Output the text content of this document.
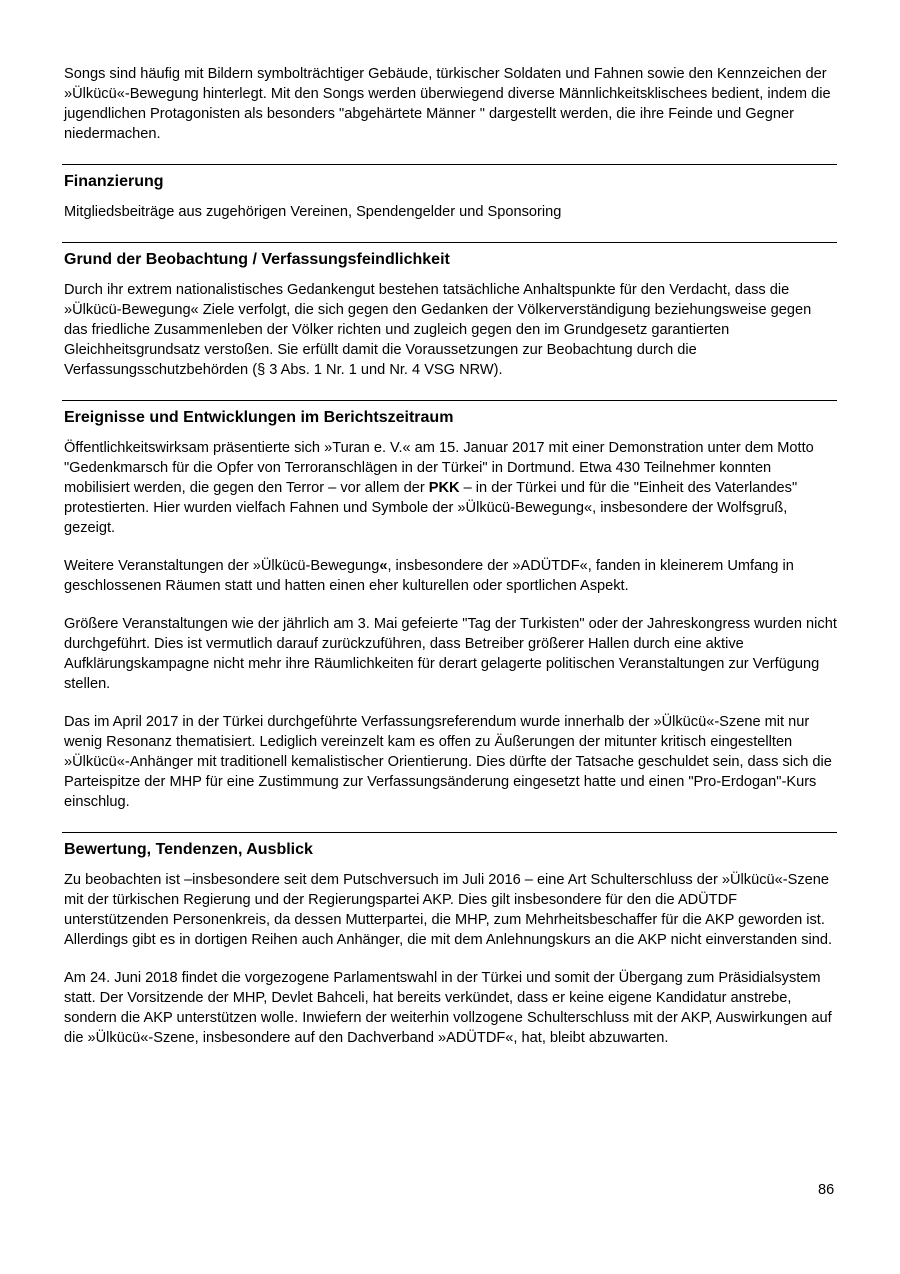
Songs sind häufig mit Bildern symbolträchtiger Gebäude, türkischer Soldaten und Fahnen sowie den Kennzeichen der »Ülkücü«-Bewegung hinterlegt. Mit den Songs werden überwiegend diverse Männlichkeitsklischees bedient, indem die jugendlichen Protagonisten als besonders "abgehärtete Männer " dargestellt werden, die ihre Feinde und Gegner niedermachen.

Finanzierung

Mitgliedsbeiträge aus zugehörigen Vereinen, Spendengelder und Sponsoring

Grund der Beobachtung / Verfassungsfeindlichkeit

Durch ihr extrem nationalistisches Gedankengut bestehen tatsächliche Anhaltspunkte für den Verdacht, dass die »Ülkücü-Bewegung« Ziele verfolgt, die sich gegen den Gedanken der Völkerverständigung beziehungsweise gegen das friedliche Zusammenleben der Völker richten und zugleich gegen den im Grundgesetz garantierten Gleichheitsgrundsatz verstoßen. Sie erfüllt damit die Voraussetzungen zur Beobachtung durch die Verfassungsschutzbehörden (§ 3 Abs. 1 Nr. 1 und Nr. 4 VSG NRW).

Ereignisse und Entwicklungen im Berichtszeitraum

Öffentlichkeitswirksam präsentierte sich »Turan e. V.« am 15. Januar 2017 mit einer Demonstration unter dem Motto "Gedenkmarsch für die Opfer von Terroranschlägen in der Türkei" in Dortmund. Etwa 430 Teilnehmer konnten mobilisiert werden, die gegen den Terror – vor allem der PKK – in der Türkei und für die "Einheit des Vaterlandes" protestierten. Hier wurden vielfach Fahnen und Symbole der »Ülkücü-Bewegung«, insbesondere der Wolfsgruß, gezeigt.

Weitere Veranstaltungen der »Ülkücü-Bewegung«, insbesondere der »ADÜTDF«, fanden in kleinerem Umfang in geschlossenen Räumen statt und hatten einen eher kulturellen oder sportlichen Aspekt.

Größere Veranstaltungen wie der jährlich am 3. Mai gefeierte "Tag der Turkisten" oder der Jahreskongress wurden nicht durchgeführt. Dies ist vermutlich darauf zurückzuführen, dass Betreiber größerer Hallen durch eine aktive Aufklärungskampagne nicht mehr ihre Räumlichkeiten für derart gelagerte politischen Veranstaltungen zur Verfügung stellen.

Das im April 2017 in der Türkei durchgeführte Verfassungsreferendum wurde innerhalb der »Ülkücü«-Szene mit nur wenig Resonanz thematisiert. Lediglich vereinzelt kam es offen zu Äußerungen der mitunter kritisch eingestellten »Ülkücü«-Anhänger mit traditionell kemalistischer Orientierung. Dies dürfte der Tatsache geschuldet sein, dass sich die Parteispitze der MHP für eine Zustimmung zur Verfassungsänderung eingesetzt hatte und einen "Pro-Erdogan"-Kurs einschlug.

Bewertung, Tendenzen, Ausblick

Zu beobachten ist –insbesondere seit dem Putschversuch im Juli 2016 – eine Art Schulterschluss der »Ülkücü«-Szene mit der türkischen Regierung und der Regierungspartei AKP. Dies gilt insbesondere für den die ADÜTDF unterstützenden Personenkreis, da dessen Mutterpartei, die MHP, zum Mehrheitsbeschaffer für die AKP geworden ist. Allerdings gibt es in dortigen Reihen auch Anhänger, die mit dem Anlehnungskurs an die AKP nicht einverstanden sind.

Am 24. Juni 2018 findet die vorgezogene Parlamentswahl in der Türkei und somit der Übergang zum Präsidialsystem statt. Der Vorsitzende der MHP, Devlet Bahceli, hat bereits verkündet, dass er keine eigene Kandidatur anstrebe, sondern die AKP unterstützen wolle. Inwiefern der weiterhin vollzogene Schulterschluss mit der AKP, Auswirkungen auf die »Ülkücü«-Szene, insbesondere auf den Dachverband »ADÜTDF«, hat, bleibt abzuwarten.

86
